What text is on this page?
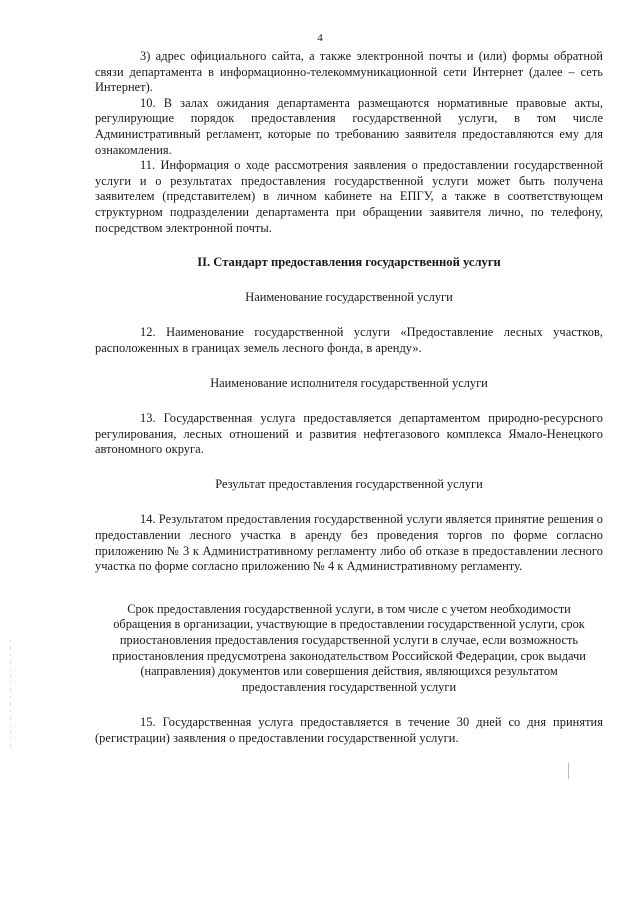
4

3) адрес официального сайта, а также электронной почты и (или) формы обратной связи департамента в информационно-телекоммуникационной сети Интернет (далее – сеть Интернет).

10. В залах ожидания департамента размещаются нормативные правовые акты, регулирующие порядок предоставления государственной услуги, в том числе Административный регламент, которые по требованию заявителя предоставляются ему для ознакомления.

11. Информация о ходе рассмотрения заявления о предоставлении государственной услуги и о результатах предоставления государственной услуги может быть получена заявителем (представителем) в личном кабинете на ЕПГУ, а также в соответствующем структурном подразделении департамента при обращении заявителя лично, по телефону, посредством электронной почты.

II. Стандарт предоставления государственной услуги
Наименование государственной услуги

12. Наименование государственной услуги «Предоставление лесных участков, расположенных в границах земель лесного фонда, в аренду».

Наименование исполнителя государственной услуги

13. Государственная услуга предоставляется департаментом природно-ресурсного регулирования, лесных отношений и развития нефтегазового комплекса Ямало-Ненецкого автономного округа.

Результат предоставления государственной услуги

14. Результатом предоставления государственной услуги является принятие решения о предоставлении лесного участка в аренду без проведения торгов по форме согласно приложению № 3 к Административному регламенту либо об отказе в предоставлении лесного участка по форме согласно приложению № 4 к Административному регламенту.

Срок предоставления государственной услуги, в том числе с учетом необходимости обращения в организации, участвующие в предоставлении государственной услуги, срок приостановления предоставления государственной услуги в случае, если возможность приостановления предусмотрена законодательством Российской Федерации, срок выдачи (направления) документов или совершения действия, являющихся результатом предоставления государственной услуги

15. Государственная услуга предоставляется в течение 30 дней со дня принятия (регистрации) заявления о предоставлении государственной услуги.
